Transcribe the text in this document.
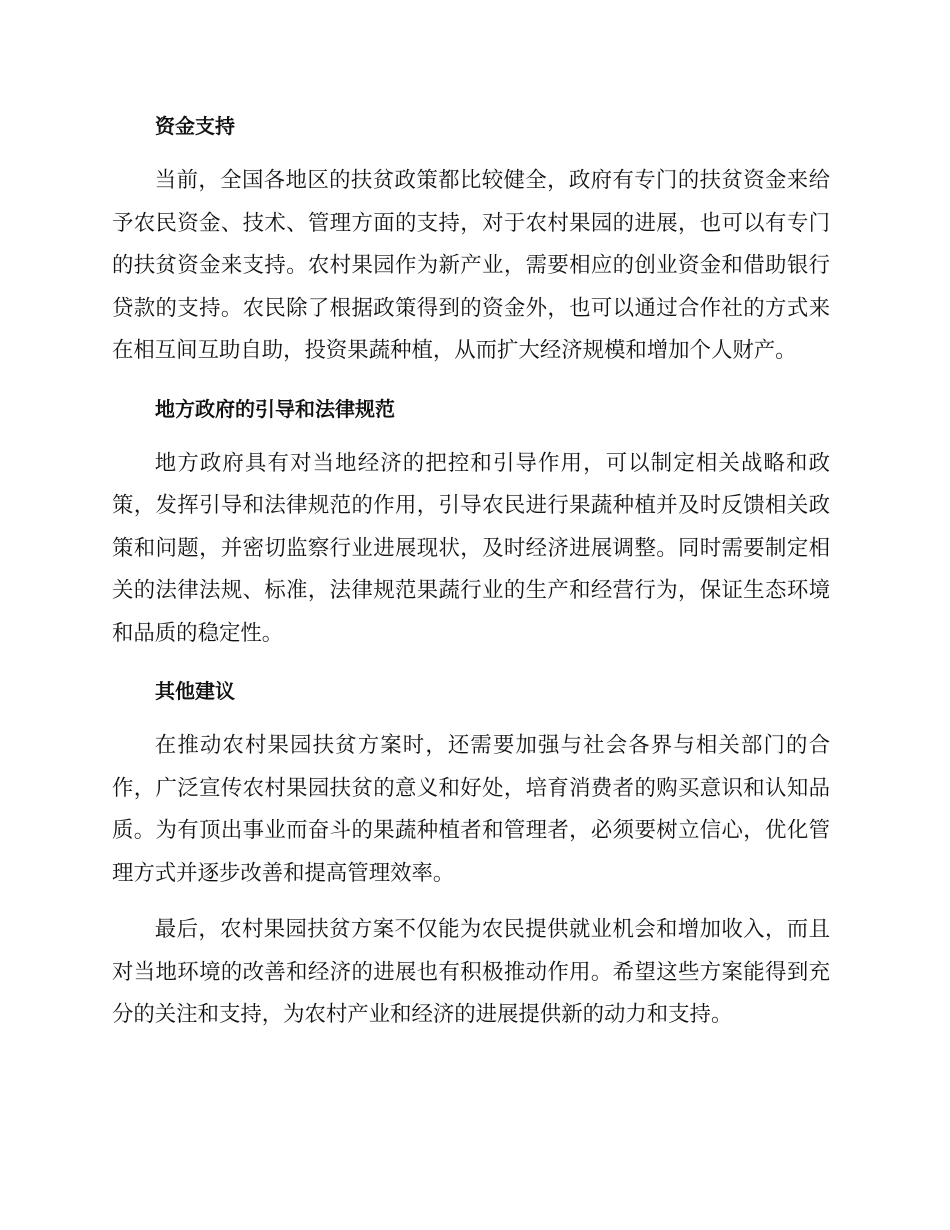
资金支持

当前，全国各地区的扶贫政策都比较健全，政府有专门的扶贫资金来给予农民资金、技术、管理方面的支持，对于农村果园的进展，也可以有专门的扶贫资金来支持。农村果园作为新产业，需要相应的创业资金和借助银行贷款的支持。农民除了根据政策得到的资金外，也可以通过合作社的方式来在相互间互助自助，投资果蔬种植，从而扩大经济规模和增加个人财产。

地方政府的引导和法律规范

地方政府具有对当地经济的把控和引导作用，可以制定相关战略和政策，发挥引导和法律规范的作用，引导农民进行果蔬种植并及时反馈相关政策和问题，并密切监察行业进展现状，及时经济进展调整。同时需要制定相关的法律法规、标准，法律规范果蔬行业的生产和经营行为，保证生态环境和品质的稳定性。

其他建议

在推动农村果园扶贫方案时，还需要加强与社会各界与相关部门的合作，广泛宣传农村果园扶贫的意义和好处，培育消费者的购买意识和认知品质。为有顶出事业而奋斗的果蔬种植者和管理者，必须要树立信心，优化管理方式并逐步改善和提高管理效率。

最后，农村果园扶贫方案不仅能为农民提供就业机会和增加收入，而且对当地环境的改善和经济的进展也有积极推动作用。希望这些方案能得到充分的关注和支持，为农村产业和经济的进展提供新的动力和支持。
